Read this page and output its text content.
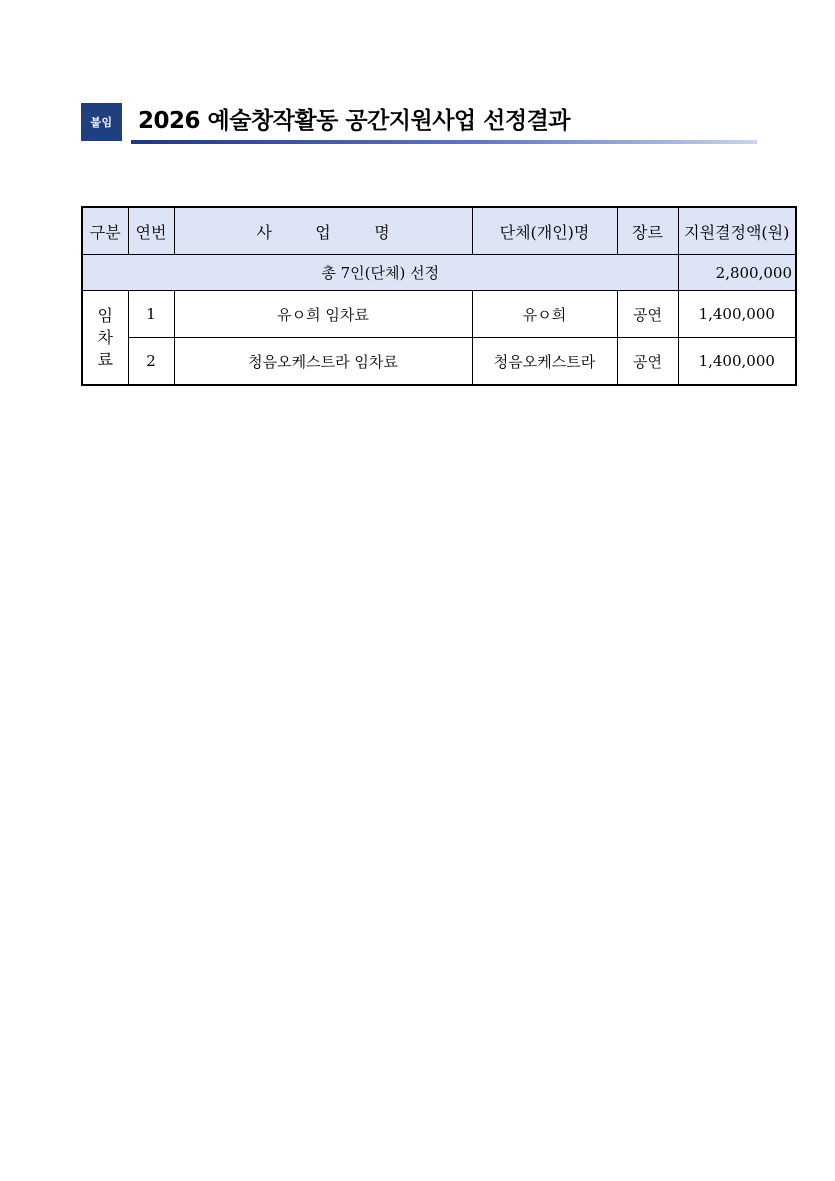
붙임	2026 예술창작활동 공간지원사업 선정결과
구분	연번	사 업 명	단체(개인)명	장르	지원결정액(원)
총 7인(단체) 선정					2,800,000
임
차
료	1	유ㅇ희 임차료	유ㅇ희	공연	1,400,000
	2	청음오케스트라 임차료	청음오케스트라	공연	1,400,000
